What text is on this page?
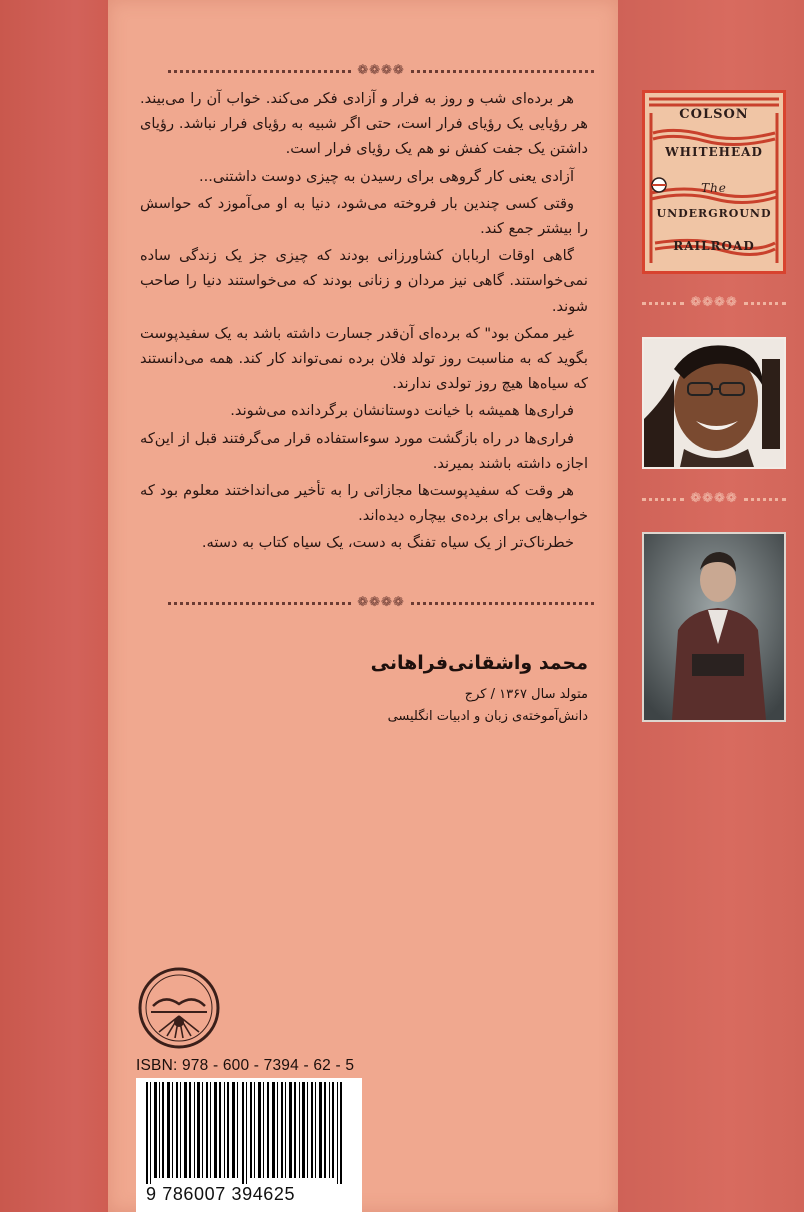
❁❁❁❁

هر برده‌ای شب و روز به فرار و آزادی فکر می‌کند. خواب آن را می‌بیند. هر رؤیایی یک رؤیای فرار است، حتی اگر شبیه به رؤیای فرار نباشد. رؤیای داشتن یک جفت کفش نو هم یک رؤیای فرار است.

آزادی یعنی کار گروهی برای رسیدن به چیزی دوست داشتنی...

وقتی کسی چندین بار فروخته می‌شود، دنیا به او می‌آموزد که حواسش را بیشتر جمع کند.

گاهی اوقات اربابان کشاورزانی بودند که چیزی جز یک زندگی ساده نمی‌خواستند. گاهی نیز مردان و زنانی بودند که می‌خواستند دنیا را صاحب شوند.

غیر ممکن بود" که برده‌ای آن‌قدر جسارت داشته باشد به یک سفیدپوست بگوید که به مناسبت روز تولد فلان برده نمی‌تواند کار کند. همه می‌دانستند که سیاه‌ها هیچ روز تولدی ندارند.

فراری‌ها همیشه با خیانت دوستانشان برگردانده می‌شوند.

فراری‌ها در راه بازگشت مورد سوءاستفاده قرار می‌گرفتند قبل از این‌که اجازه داشته باشند بمیرند.

هر وقت که سفیدپوست‌ها مجازاتی را به تأخیر می‌انداختند معلوم بود که خواب‌هایی برای برده‌ی بیچاره دیده‌اند.

خطرناک‌تر از یک سیاه تفنگ به دست، یک سیاه کتاب به دسته.

❁❁❁❁
محمد واشقانی‌فراهانی
متولد سال ۱۳۶۷ / کرج
دانش‌آموخته‌ی زبان و ادبیات انگلیسی
ISBN: 978 - 600 - 7394 - 62 - 5
9 786007 394625
COLSON
WHITEHEAD
The
UNDERGROUND
RAILROAD
❁❁❁❁
❁❁❁❁
